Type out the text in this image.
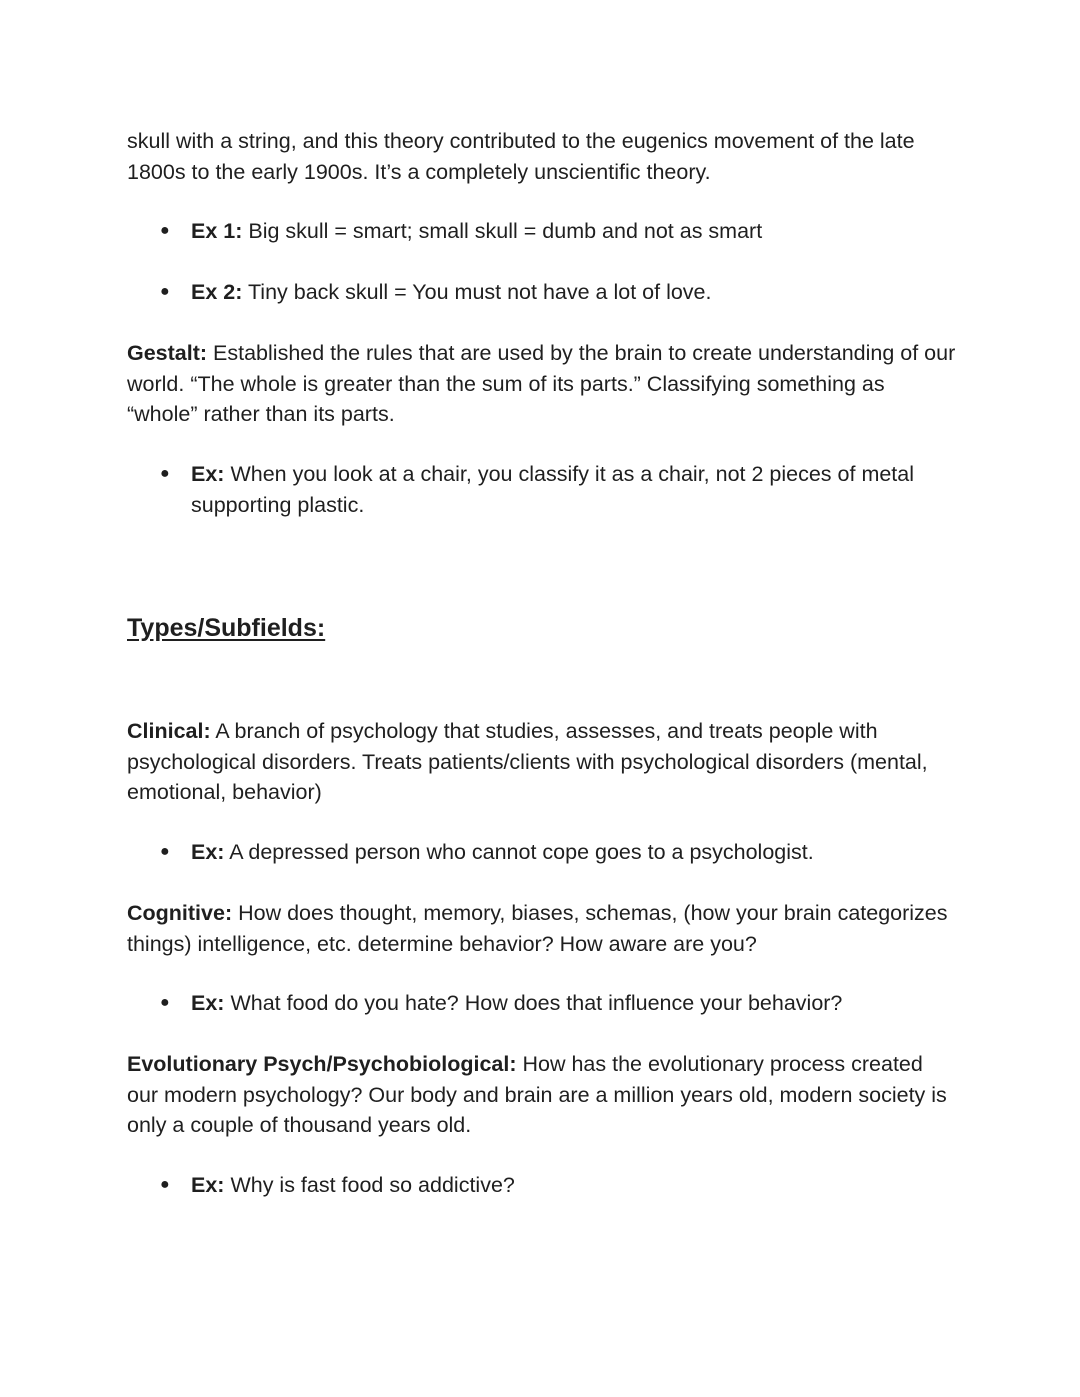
skull with a string, and this theory contributed to the eugenics movement of the late 1800s to the early 1900s. It’s a completely unscientific theory.

● Ex 1: Big skull = smart; small skull = dumb and not as smart
● Ex 2: Tiny back skull = You must not have a lot of love.

Gestalt: Established the rules that are used by the brain to create understanding of our world. “The whole is greater than the sum of its parts.” Classifying something as “whole” rather than its parts.

● Ex: When you look at a chair, you classify it as a chair, not 2 pieces of metal supporting plastic.
Types/Subfields:

Clinical: A branch of psychology that studies, assesses, and treats people with psychological disorders. Treats patients/clients with psychological disorders (mental, emotional, behavior)

● Ex: A depressed person who cannot cope goes to a psychologist.

Cognitive: How does thought, memory, biases, schemas, (how your brain categorizes things) intelligence, etc. determine behavior? How aware are you?

● Ex: What food do you hate? How does that influence your behavior?

Evolutionary Psych/Psychobiological: How has the evolutionary process created our modern psychology? Our body and brain are a million years old, modern society is only a couple of thousand years old.

● Ex: Why is fast food so addictive?
